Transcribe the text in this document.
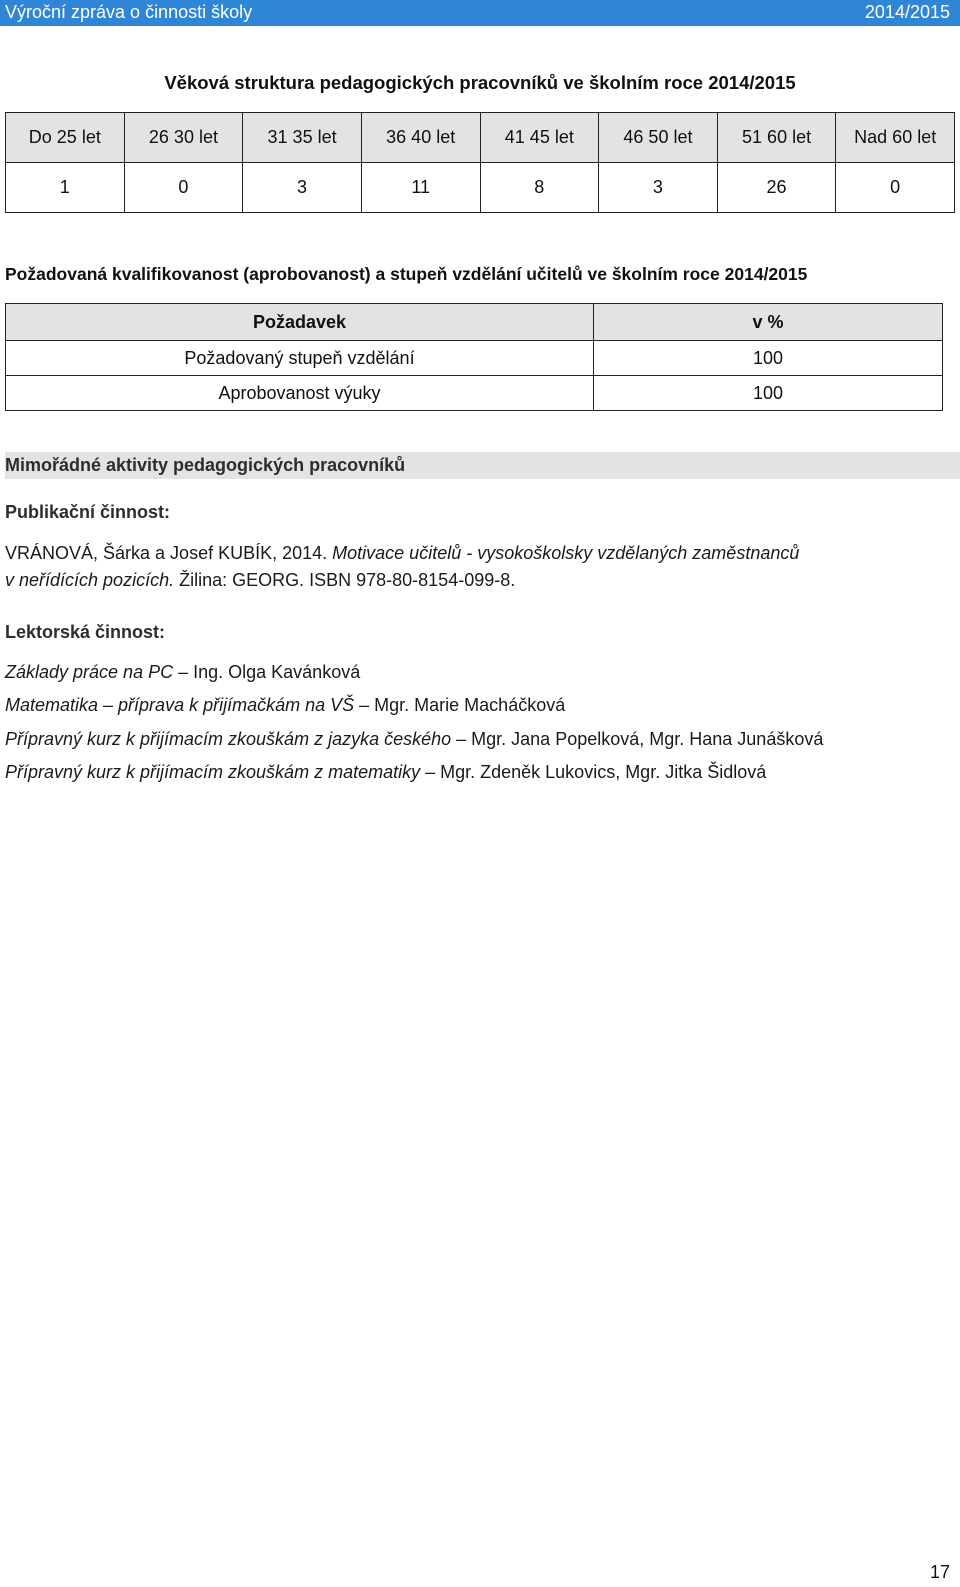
Výroční zpráva o činnosti školy	2014/2015
Věková struktura pedagogických pracovníků ve školním roce 2014/2015
Do 25 let	26 30 let	31 35 let	36 40 let	41 45 let	46 50 let	51 60 let	Nad 60 let
1	0	3	11	8	3	26	0
Požadovaná kvalifikovanost (aprobovanost) a stupeň vzdělání učitelů ve školním roce 2014/2015
Požadavek	v %
Požadovaný stupeň vzdělání	100
Aprobovanost výuky	100
Mimořádné aktivity pedagogických pracovníků
Publikační činnost:
VRÁNOVÁ, Šárka a Josef KUBÍK, 2014. Motivace učitelů - vysokoškolsky vzdělaných zaměstnanců
v neřídících pozicích. Žilina: GEORG. ISBN 978-80-8154-099-8.
Lektorská činnost:
Základy práce na PC – Ing. Olga Kavánková
Matematika – příprava k přijímačkám na VŠ – Mgr. Marie Macháčková
Přípravný kurz k přijímacím zkouškám z jazyka českého – Mgr. Jana Popelková, Mgr. Hana Junášková
Přípravný kurz k přijímacím zkouškám z matematiky – Mgr. Zdeněk Lukovics, Mgr. Jitka Šidlová
17
